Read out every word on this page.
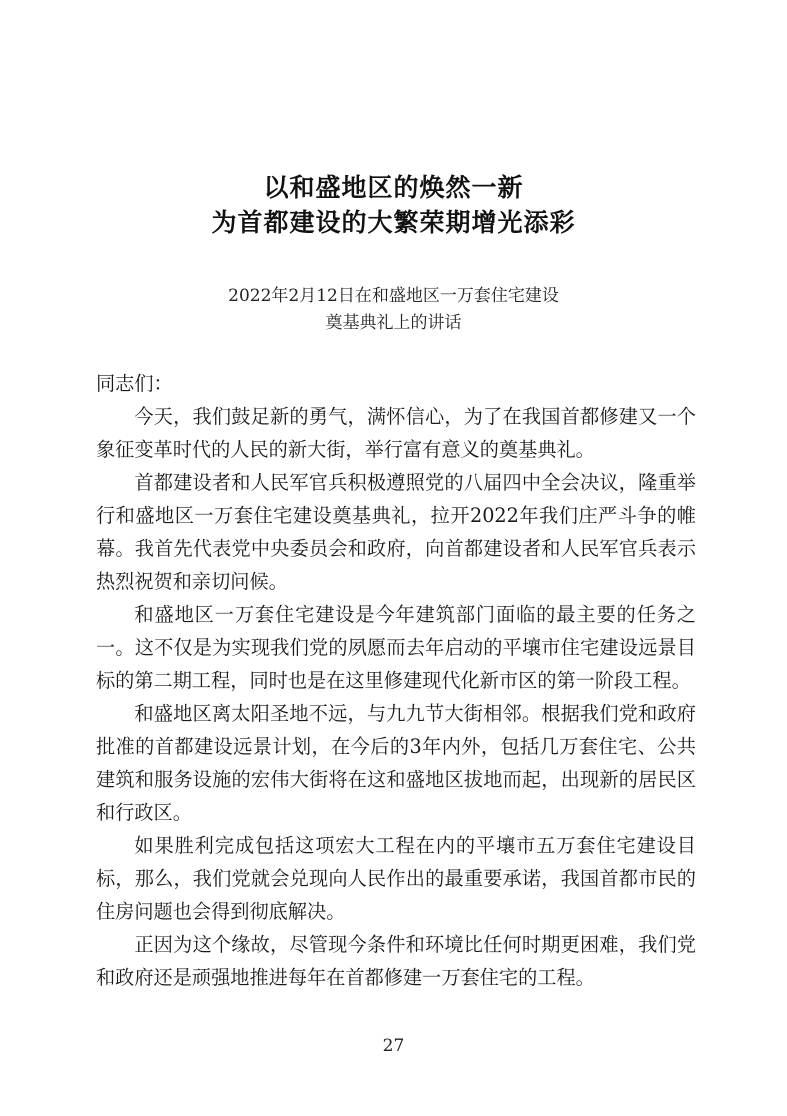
以和盛地区的焕然一新
为首都建设的大繁荣期增光添彩
2022年2月12日在和盛地区一万套住宅建设
奠基典礼上的讲话

同志们：

今天，我们鼓足新的勇气，满怀信心，为了在我国首都修建又一个象征变革时代的人民的新大街，举行富有意义的奠基典礼。

首都建设者和人民军官兵积极遵照党的八届四中全会决议，隆重举行和盛地区一万套住宅建设奠基典礼，拉开2022年我们庄严斗争的帷幕。我首先代表党中央委员会和政府，向首都建设者和人民军官兵表示热烈祝贺和亲切问候。

和盛地区一万套住宅建设是今年建筑部门面临的最主要的任务之一。这不仅是为实现我们党的夙愿而去年启动的平壤市住宅建设远景目标的第二期工程，同时也是在这里修建现代化新市区的第一阶段工程。

和盛地区离太阳圣地不远，与九九节大街相邻。根据我们党和政府批准的首都建设远景计划，在今后的3年内外，包括几万套住宅、公共建筑和服务设施的宏伟大街将在这和盛地区拔地而起，出现新的居民区和行政区。

如果胜利完成包括这项宏大工程在内的平壤市五万套住宅建设目标，那么，我们党就会兑现向人民作出的最重要承诺，我国首都市民的住房问题也会得到彻底解决。

正因为这个缘故，尽管现今条件和环境比任何时期更困难，我们党和政府还是顽强地推进每年在首都修建一万套住宅的工程。

27
